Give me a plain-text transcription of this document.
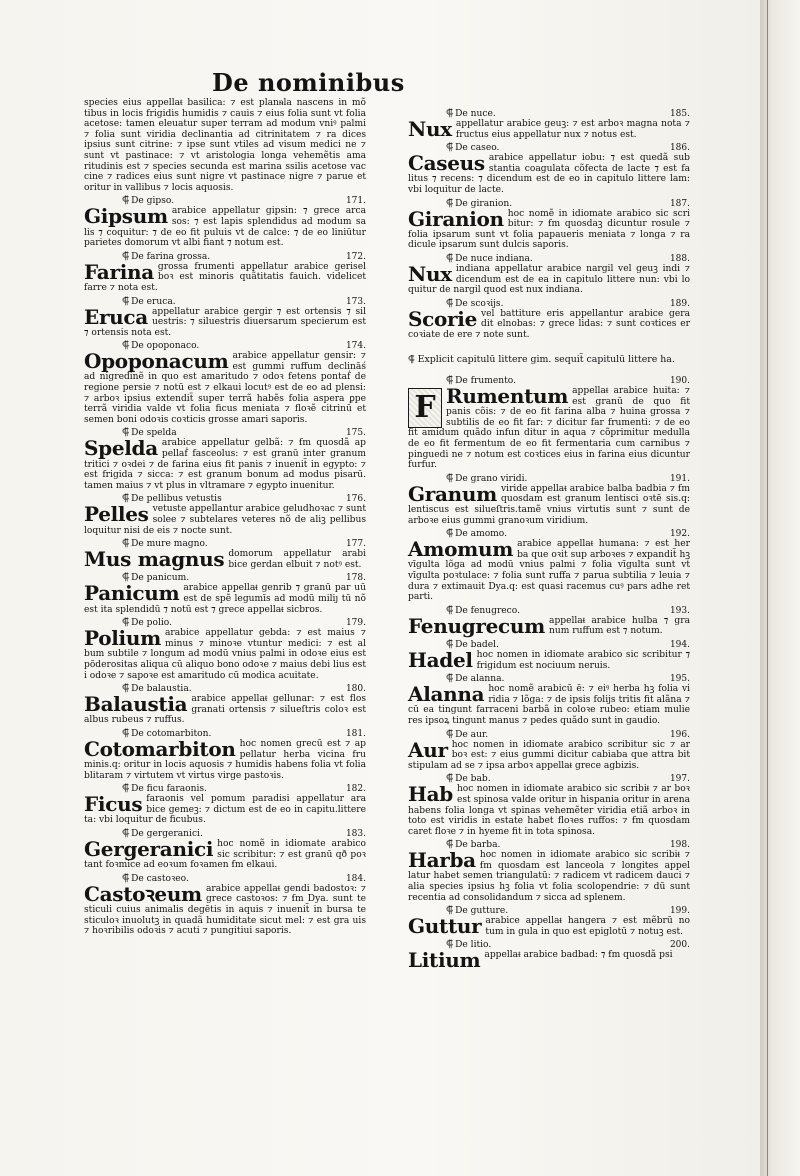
De nominibus
species eius appellaᵵ basilica: ⁊ est planᵰla nascens in mõ tibus in locis frigidis humidis ⁊ cauis ⁊ eius folia sunt vt folia acetose: tamen eleuatur super terram ad modum vniꝰ palmi ⁊ folia sunt viridia declinantia ad citrinitatem ⁊ ra dices ipsius sunt citrine: ⁊ ipse sunt vtiles ad visum medici ne ⁊ sunt vt pastinace: ⁊ vt aristologia longa vehemẽtis ama ritudinis est ⁊ species secunda est marina ssilis acetose vac cine ⁊ radices eius sunt nigre vt pastinace nigre ⁊ parue et oritur in vallibus ⁊ locis aquosis.
⸿ De gipso.	171.
Gipsum arabice appellatur gipsin: ⁊ grece arca sos: ⁊ est lapis splendidus ad modum sa lis ⁊ coquitur: ⁊ de eo fit puluis vt de calce: ⁊ de eo liniūtur parietes domorum vt albi fiant ⁊ notum est.
⸿ De farina grossa.	172.
Farina grossa frumenti appellatur arabice gerisel boꝛ est minoris quãtitatis fauich. videlicet farre ⁊ nota est.
⸿ De eruca.	173.
Eruca appellatur arabice gergir ⁊ est ortensis ⁊ sil uestris: ⁊ siluestris diuersarum specierum est ⁊ ortensis nota est.
⸿ De opoponaco.	174.
Opoponacum arabice appellatur gensir: ⁊ est gummi ruffum declināś ad nigredinẽ in quo est amaritudo ⁊ odoꝛ fetens pontaḟ de regione persie ⁊ notū est ⁊ elkaui locutꝰ est de eo ad plensi: ⁊ arboꝛ ipsius extendiẗ super terrã habẽs folia aspera ꝑpe terrã viridia valde vt folia ficus meniata ⁊ floꝛẽ citrinū et semen boni odoꝛis coꝛticis grosse amari saporis.
⸿ De spelda	175.
Spelda arabice appellatur gelbã: ⁊ ẜm quosdã ap pellaḟ fasceolus: ⁊ est granū inter granum tritici ⁊ oꝛdei ⁊ de farina eius fit panis ⁊ inuenit̃ in egypto: ⁊ est frigida ⁊ sicca: ⁊ est granum bonum ad modus pisarū. tamen maius ⁊ vt plus in vltramare ⁊ egypto inuenitur.
⸿ De pellibus vetustis	176.
Pelles vetuste appellantur arabice geludhoꝛac ⁊ sunt solee ⁊ subtelares veteres nõ de aliꝫ pellibus loquitur nisi de eis ⁊ nocte sunt.
⸿ De mure magno.	177.
Mus magnus domorum appellatur arabi bice gerdan elbuit ⁊ notꝰ est.
⸿ De panicum.	178.
Panicum arabice appellaᵵ genrib ⁊ granū par uū est de spẽ legumīs ad modū miliȷ tū nõ est ita splendidū ⁊ notū est ⁊ grece appellaᵵ sicbros.
⸿ De polio.	179.
Polium arabice appellatur gebda: ⁊ est maius ⁊ minus ⁊ minoꝛe vtuntur medici: ⁊ est al bum subtile ⁊ longum ad modū vnius palmi in odoꝛe eius est pōderositas aliqua cū aliquo bono odoꝛe ⁊ maius debi lius est i odoꝛe ⁊ sapoꝛe est amaritudo cū modica acuitate.
⸿ De balaustia.	180.
Balaustia arabice appellaᵵ gellunar: ⁊ est flos granati ortensis ⁊ silueſtris coloꝛ est albus rubeus ⁊ ruffus.
⸿ De cotomarbiton.	181.
Cotomarbiton hoc nomen grecū est ⁊ ap pellatur herba vicina fru minis.q: oritur in locis aquosis ⁊ humidis habens folia vt folia blitaram ⁊ virtutem vt virtus virge pastoꝛis.
⸿ De ficu faraonis.	182.
Ficus faraonis vel pomum paradisi appellatur ara bice gemeꝫ: ⁊ dictum est de eo in capitu.littere ta: vbi loquitur de ficubus.
⸿ De gergeranici.	183.
Gergeranici hoc nomẽ in idiomate arabico sic scribitur: ⁊ est granū qð poꝛ tant foꝛmice ad eoꝛum foꝛamen ẜm elkaui.
⸿ De castoꝛeo.	184.
Castoꝛeum arabice appellaᵵ gendi badostoꝛ: ⁊ grece castoꝛos: ⁊ ẜm Dya. sunt te sticuli cuius animalis degētis in aquis ⁊ inuenit̃ in bursa te sticuloꝛ inuolutꝫ in quadã humiditate sicut mel: ⁊ est gra uis ⁊ hoꝛribilis odoꝛis ⁊ acuti ⁊ pungitiui saporis.
⸿ De nuce.	185.
Nux appellatur arabice geuꝫ: ⁊ est arboꝛ magna nota ⁊ fructus eius appellatur nux ⁊ notus est.
⸿ De caseo.	186.
Caseus arabice appellatur iobu: ⁊ est quedã sub stantia coagulata cõfecta de lacte ⁊ est fa litus ⁊ recens: ⁊ dicendum est de eo in capitulo littere lam: vbi loquitur de lacte.
⸿ De giranion.	187.
Giranion hoc nomẽ in idiomate arabico sic scri bitur: ⁊ ẜm quosdaꝫ dicuntur rosule ⁊ folia ipsarum sunt vt folia papaueris meniata ⁊ longa ⁊ ra dicule ipsarum sunt dulcis saporis.
⸿ De nuce indiana.	188.
Nux indiana appellatur arabice nargil vel geuꝫ indi ⁊ dicendum est de ea in capitulo littere nun: vbi lo quitur de nargil quod est nux indiana.
⸿ De scoꝛijs.	189.
Scorie vel battiture eris appellantur arabice gera dit elnobas: ⁊ grece lidas: ⁊ sunt coꝛtices er coꝛiate de ere ⁊ note sunt.
⸿ Explicit capitulū littere gim. sequit̃ capitulū littere ha.
⸿ De frumento.	190.
F Rumentum appellaᵵ arabice huita: ⁊ est granū de quo fit panis cõis: ⁊ de eo fit farina alba ⁊ huina grossa ⁊ subtilis de eo fit far: ⁊ dicitur far frumenti: ⁊ de eo fit amidum quãdo infun ditur in aqua ⁊ cõprimitur medulla de eo fit fermentum de eo fit fermentaria cum carnibus ⁊ pinguedi ne ⁊ notum est coꝛtices eius in farina eius dicuntur furfur.
⸿ De grano viridi.	191.
Granum viride appellaᵵ arabice balba badbia ⁊ ẜm quosdam est granum lentisci oꝛtē sis.q: lentiscus est silueſtris.tamẽ vnius virtutis sunt ⁊ sunt de arboꝛe eius gummi granoꝛum viridium.
⸿ De amomo.	192.
Amomum arabice appellaᵵ humana: ⁊ est her ba que oꝛit sup arboꝛes ⁊ expandit̃ hꝫ vīgulta lõga ad modū vnius palmi ⁊ folia vīgulta sunt vt vīgulta poꝛtulace: ⁊ folia sunt ruffa ⁊ parua subtilia ⁊ leuia ⁊ dura ⁊ extimauit Dya.q: est quasi racemus cuꝰ pars adhe ret parti.
⸿ De fenugreco.	193.
Fenugrecum appellaᵵ arabice hulba ⁊ gra num ruffum est ⁊ notum.
⸿ De badel.	194.
Hadel hoc nomen in idiomate arabico sic scribitur ⁊ frigidum est nociuum neruis.
⸿ De alanna.	195.
Alanna hoc nomẽ arabicū ē: ⁊ eiꝰ herba hꝫ folia vi ridia ⁊ lõga: ⁊ de ipsis folijs tritis fit alãna ⁊ cū ea tingunt farraceni barbã in coloꝛe rubeo: etiam mulie res ipsoꝝ tingunt manus ⁊ pedes quãdo sunt in gaudio.
⸿ De aur.	196.
Aur hoc nomen in idiomate arabico scribitur sic ⁊ ar boꝛ est: ⁊ eius gummi dicitur cabiaba que attra bit stipulam ad se ⁊ ipsa arboꝛ appellaᵵ grece agbizis.
⸿ De bab.	197.
Hab hoc nomen in idiomate arabico sic scribiᵵ ⁊ ar boꝛ est spinosa valde oritur in hispania oritur in arena habens folia longa vt spinas vehemẽter viridia etiã arboꝛ in toto est viridis in estate habet floꝛes ruffos: ⁊ ẜm quosdam caret floꝛe ⁊ in hyeme fit in tota spinosa.
⸿ De barba.	198.
Harba hoc nomen in idiomate arabico sic scribiᵵ ⁊ ẜm quosdam est lanceola ⁊ longites appel latur habet semen triangulatū: ⁊ radicem vt radicem dauci ⁊ alia species ipsius hꝫ folia vt folia scolopendrie: ⁊ dū sunt recentia ad consolidandum ⁊ sicca ad splenem.
⸿ De gutture.	199.
Guttur arabice appellaᵵ hangera ⁊ est mẽbrū no tum in gula in quo est epiglotū ⁊ notuꝫ est.
⸿ De litio.	200.
Litium appellaᵵ arabice badbad: ⁊ ẜm quosdã psi
